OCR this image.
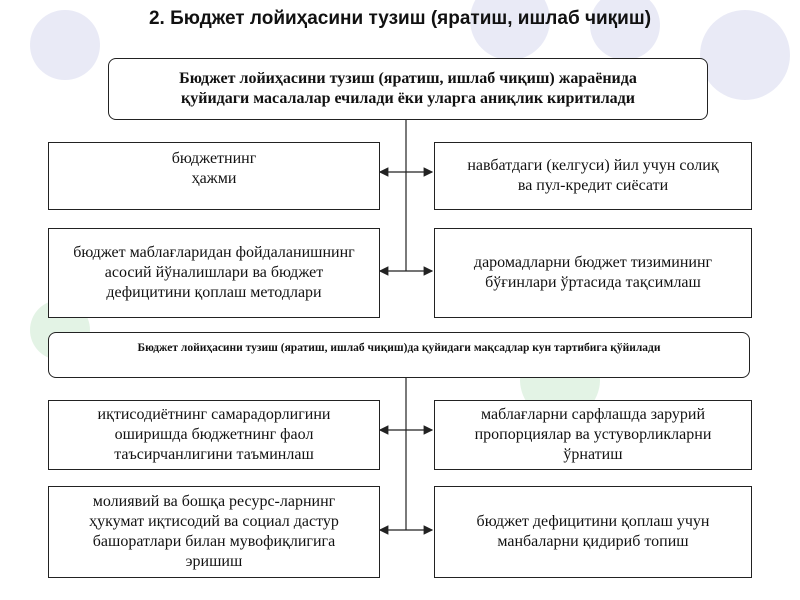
2. Бюджет лойиҳасини тузиш (яратиш, ишлаб чиқиш)
Бюджет лойиҳасини тузиш (яратиш, ишлаб чиқиш) жараёнида
қуйидаги масалалар ечилади ёки уларга аниқлик киритилади
бюджетнинг
ҳажми
бюджет маблағларидан фойдаланишнинг
асосий йўналишлари ва бюджет
дефицитини қоплаш методлари
навбатдаги (келгуси) йил учун солиқ
ва пул-кредит сиёсати
даромадларни бюджет тизимининг
бўғинлари ўртасида тақсимлаш
Бюджет лойиҳасини тузиш (яратиш, ишлаб чиқиш)да қуйидаги мақсадлар кун тартибига қўйилади
иқтисодиётнинг самарадорлигини
оширишда бюджетнинг фаол
таъсирчанлигини таъминлаш
молиявий ва бошқа ресурс-ларнинг
ҳукумат иқтисодий ва социал дастур
башоратлари билан мувофиқлигига
эришиш
маблағларни сарфлашда зарурий
пропорциялар ва устуворликларни
ўрнатиш
бюджет дефицитини қоплаш учун
манбаларни қидириб топиш
